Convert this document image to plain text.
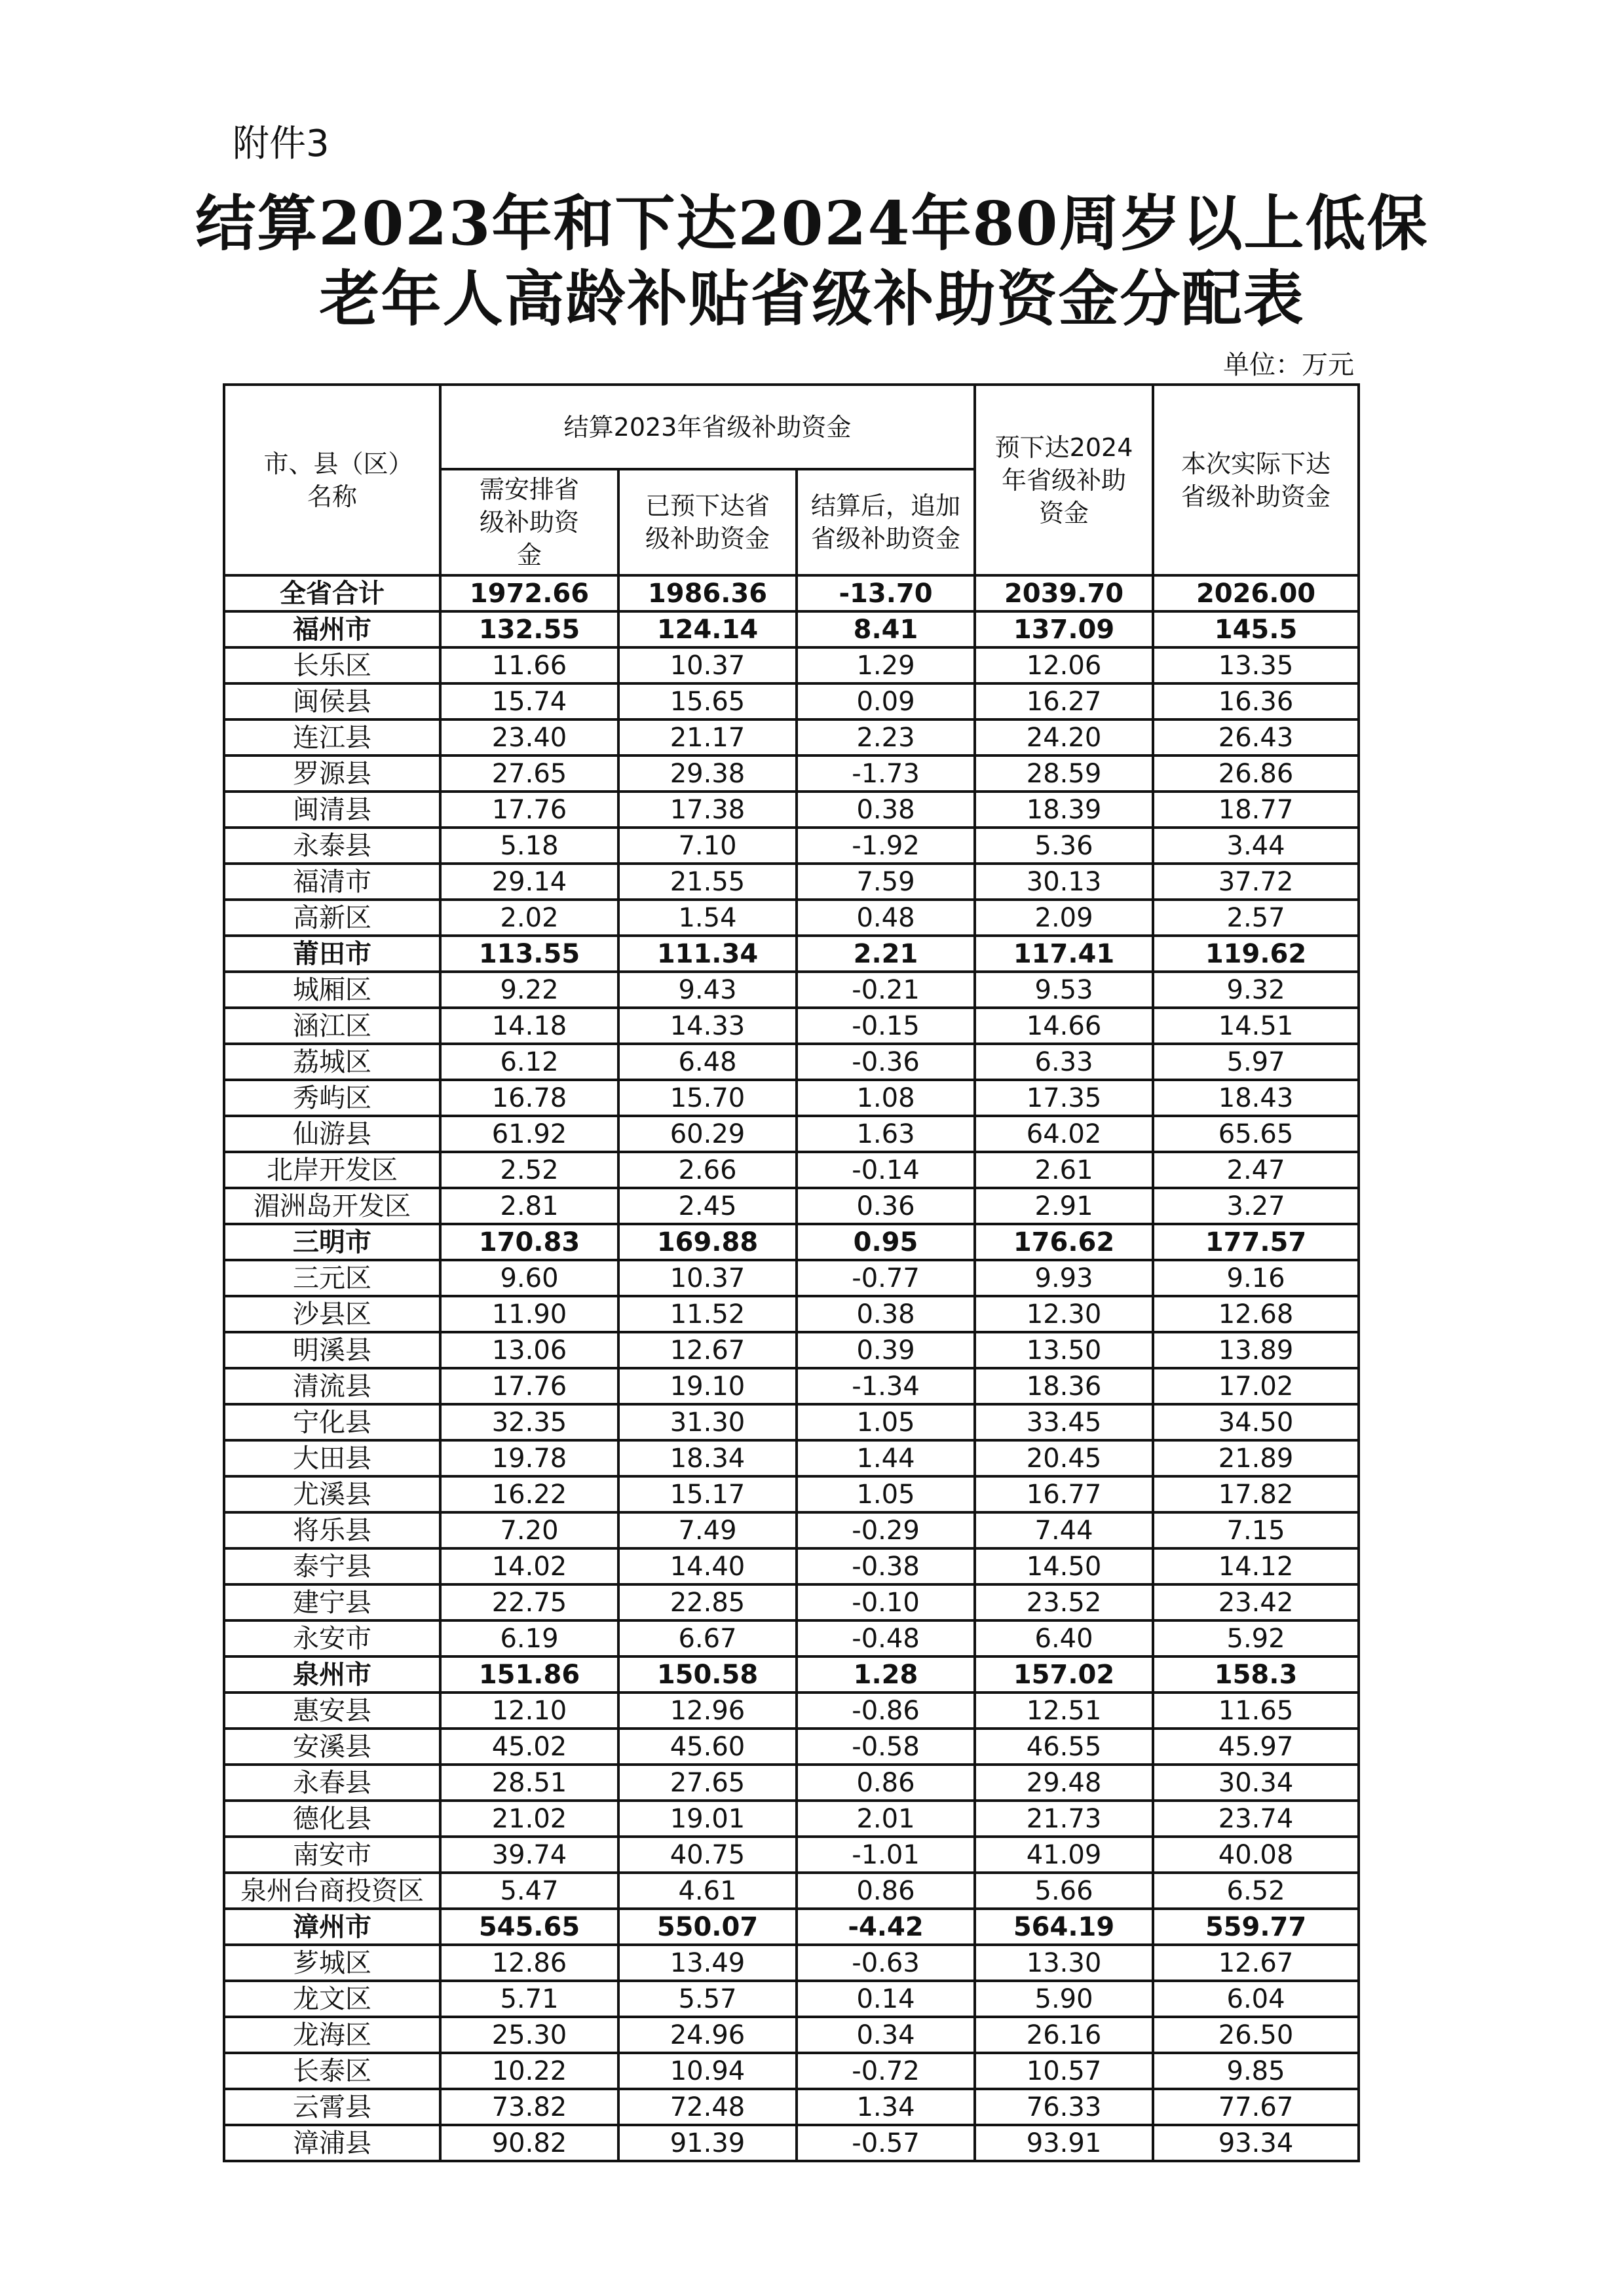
附件3
结算2023年和下达2024年80周岁以上低保
老年人高龄补贴省级补助资金分配表
单位：万元
市、县（区）名称	结算2023年省级补助资金			预下达2024年省级补助资金	本次实际下达省级补助资金
	需安排省级补助资金	已预下达省级补助资金	结算后，追加省级补助资金		
全省合计	1972.66	1986.36	-13.70	2039.70	2026.00
福州市	132.55	124.14	8.41	137.09	145.5
长乐区	11.66	10.37	1.29	12.06	13.35
闽侯县	15.74	15.65	0.09	16.27	16.36
连江县	23.40	21.17	2.23	24.20	26.43
罗源县	27.65	29.38	-1.73	28.59	26.86
闽清县	17.76	17.38	0.38	18.39	18.77
永泰县	5.18	7.10	-1.92	5.36	3.44
福清市	29.14	21.55	7.59	30.13	37.72
高新区	2.02	1.54	0.48	2.09	2.57
莆田市	113.55	111.34	2.21	117.41	119.62
城厢区	9.22	9.43	-0.21	9.53	9.32
涵江区	14.18	14.33	-0.15	14.66	14.51
荔城区	6.12	6.48	-0.36	6.33	5.97
秀屿区	16.78	15.70	1.08	17.35	18.43
仙游县	61.92	60.29	1.63	64.02	65.65
北岸开发区	2.52	2.66	-0.14	2.61	2.47
湄洲岛开发区	2.81	2.45	0.36	2.91	3.27
三明市	170.83	169.88	0.95	176.62	177.57
三元区	9.60	10.37	-0.77	9.93	9.16
沙县区	11.90	11.52	0.38	12.30	12.68
明溪县	13.06	12.67	0.39	13.50	13.89
清流县	17.76	19.10	-1.34	18.36	17.02
宁化县	32.35	31.30	1.05	33.45	34.50
大田县	19.78	18.34	1.44	20.45	21.89
尤溪县	16.22	15.17	1.05	16.77	17.82
将乐县	7.20	7.49	-0.29	7.44	7.15
泰宁县	14.02	14.40	-0.38	14.50	14.12
建宁县	22.75	22.85	-0.10	23.52	23.42
永安市	6.19	6.67	-0.48	6.40	5.92
泉州市	151.86	150.58	1.28	157.02	158.3
惠安县	12.10	12.96	-0.86	12.51	11.65
安溪县	45.02	45.60	-0.58	46.55	45.97
永春县	28.51	27.65	0.86	29.48	30.34
德化县	21.02	19.01	2.01	21.73	23.74
南安市	39.74	40.75	-1.01	41.09	40.08
泉州台商投资区	5.47	4.61	0.86	5.66	6.52
漳州市	545.65	550.07	-4.42	564.19	559.77
芗城区	12.86	13.49	-0.63	13.30	12.67
龙文区	5.71	5.57	0.14	5.90	6.04
龙海区	25.30	24.96	0.34	26.16	26.50
长泰区	10.22	10.94	-0.72	10.57	9.85
云霄县	73.82	72.48	1.34	76.33	77.67
漳浦县	90.82	91.39	-0.57	93.91	93.34
